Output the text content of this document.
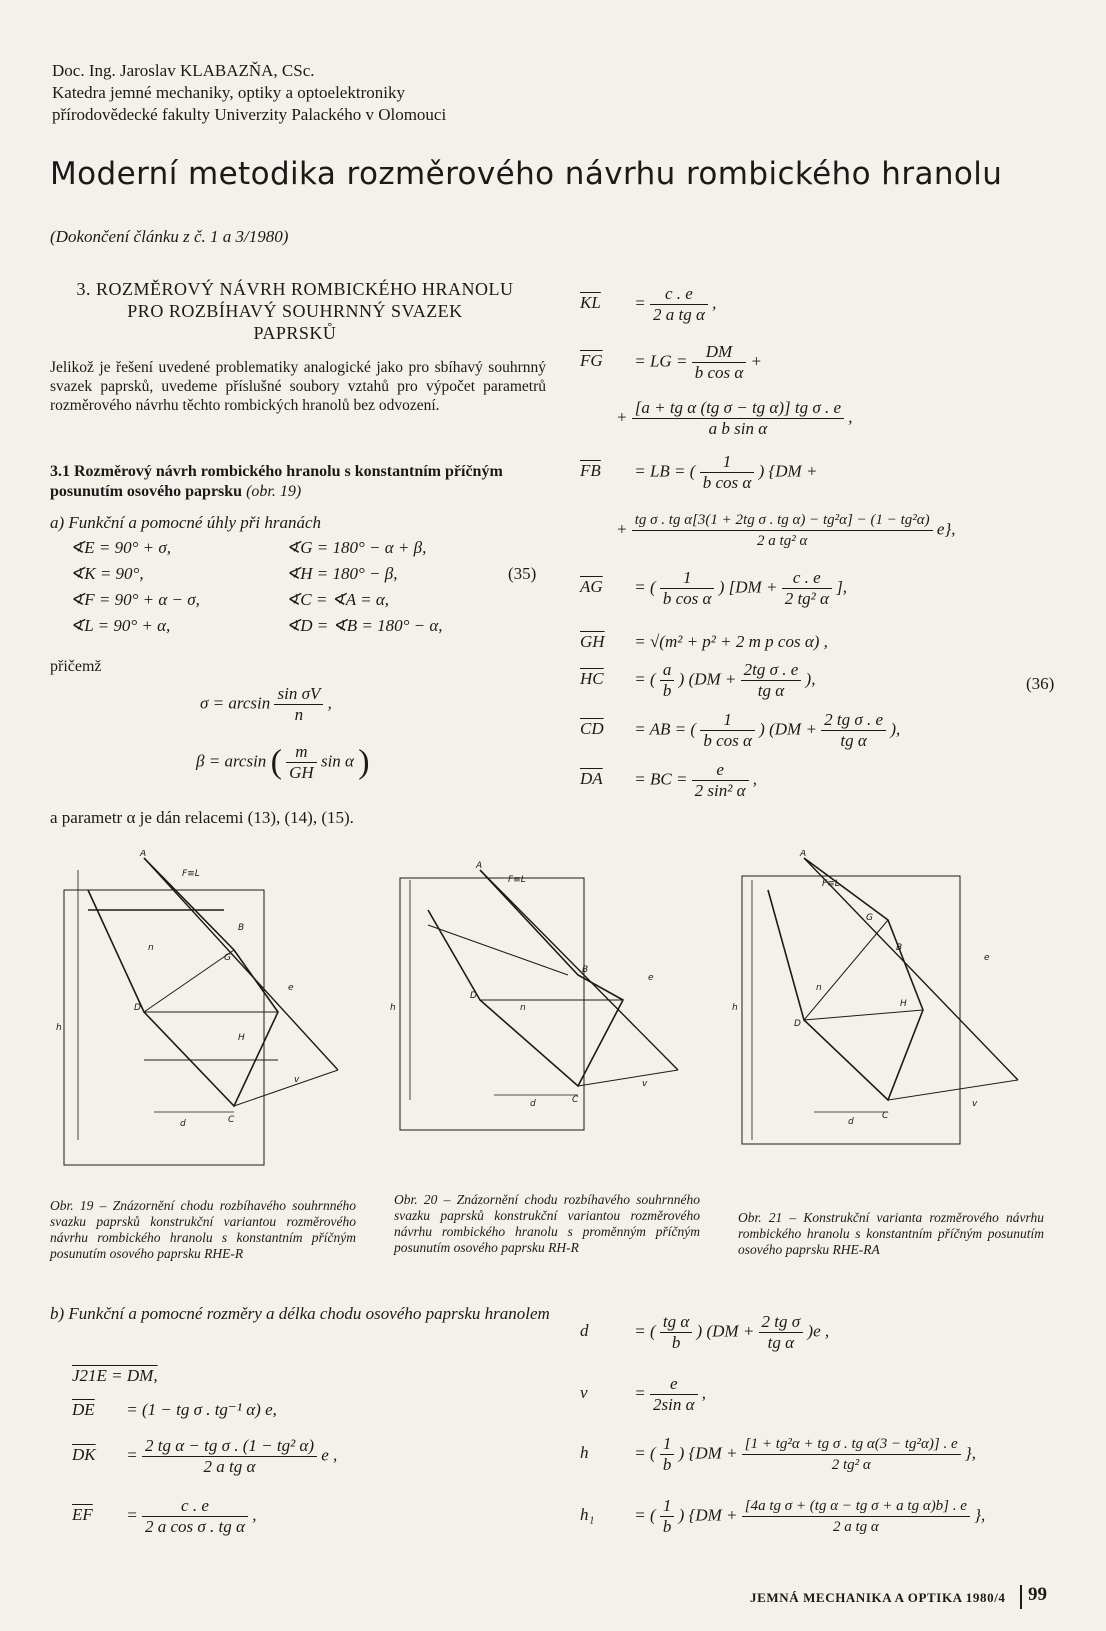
Doc. Ing. Jaroslav KLABAZŇA, CSc.
Katedra jemné mechaniky, optiky a optoelektroniky
přírodovědecké fakulty Univerzity Palackého v Olomouci
Moderní metodika rozměrového návrhu rombického hranolu
(Dokončení článku z č. 1 a 3/1980)
3. ROZMĚROVÝ NÁVRH ROMBICKÉHO HRANOLU
PRO ROZBÍHAVÝ SOUHRNNÝ SVAZEK
PAPRSKŮ
Jelikož je řešení uvedené problematiky analogické jako pro sbíhavý souhrnný svazek paprsků, uvedeme příslušné soubory vztahů pro výpočet parametrů rozměrového návrhu těchto rombických hranolů bez odvození.
3.1 Rozměrový návrh rombického hranolu s konstantním příčným posunutím osového paprsku (obr. 19)
a) Funkční a pomocné úhly při hranách
∢E = 90° + σ,	∢G = 180° − α + β,
∢K = 90°,	∢H = 180° − β,	(35)
∢F = 90° + α − σ,	∢C = ∢A = α,
∢L = 90° + α,	∢D = ∢B = 180° − α,
přičemž
$\sigma = \arcsin \frac{\text{sin σV}}{n}$ ,
β = arcsin ( $\frac{m}{GH}$ sin α )
a parametr α je dán relacemi (13), (14), (15).
$\overline{KL} = \frac{c . e}{\text{2 a tg α}}$ ,
$\overline{FG}$ = LG = $\frac{DM}{\text{b cos α}}$ +
+ $\frac{\text{[a + tg α (tg σ − tg α)] tg σ . e}}{\text{a b sin α}}$ ,
$\overline{FB}$ = LB = ( $\frac{1}{\text{b cos α}}$ ) {DM +
+ $\frac{\text{tg σ . tg α[3(1 + 2tg σ . tg α) − tg²α] − (1 − tg²α)}}{\text{2 a tg² α}} e$},
$\overline{AG}$ = ( $\frac{1}{\text{b cos α}}$ ) [$DM + \frac{c . e}{\text{2 tg² α}}$ ],
$\overline{GH} = √(m^2 + p^2 + 2$ m p cos α) ,
$\overline{HC}$ = ( $\frac{a}{b}$ ) ($DM + \frac{\text{2tg σ . e}}{\text{tg α}}$ ),	(36)
$\overline{CD}$ = AB = ( $\frac{1}{\text{b cos α}}$ ) ($DM + \frac{\text{2 tg σ . e}}{\text{tg α}}$ ),
$\overline{DA}$ = BC = $\frac{e}{\text{2 sin² α}}$ ,
A
B
C
D
G
H
F≡L
n
e
h
d
v
A
B
C
D
F≡L
n
e
h
d
v
A
B
C
D
G
H
F≡L
n
e
h
d
v
Obr. 19 – Znázornění chodu rozbíhavého souhrnného svazku paprsků konstrukční variantou rozměrového návrhu rombického hranolu s konstantním příčným posunutím osového paprsku RHE-R
Obr. 20 – Znázornění chodu rozbíhavého souhrnného svazku paprsků konstrukční variantou rozměrového návrhu rombického hranolu s proměnným příčným posunutím osového paprsku RH-R
Obr. 21 – Konstrukční varianta rozměrového návrhu rombického hranolu s konstantním příčným posunutím osového paprsku RHE-RA
b) Funkční a pomocné rozměry a délka chodu osového paprsku hranolem
J21E = DM,
$\overline{DE} = (1$ − tg σ . tg⁻¹ α) e,
$\overline{DK} = \frac{\text{2 tg α − tg σ . (1 − tg² α)}}{\text{2 a tg α}}$ e ,
$\overline{EF} = \frac{c . e}{\text{2 a cos σ . tg α}}$ ,
d = ( $\frac{\text{tg α}}{b}$ ) $(DM + \frac{\text{2 tg σ}}{\text{tg α}} )e$ ,
$v = \frac{e}{\text{2sin α}}$ ,
h = ( $\frac{1}{b}$ ) {$DM + \frac{\text{[1 + tg²α + tg σ . tg α(3 − tg²α)] . e}}{\text{2 tg² α}}$ },
h₁ = ( $\frac{1}{b}$ ) {$DM + \frac{\text{[4a tg σ + (tg α − tg σ + a tg α)b] . e}}{\text{2 a tg α}}$ },
JEMNÁ MECHANIKA A OPTIKA 1980/4 99
